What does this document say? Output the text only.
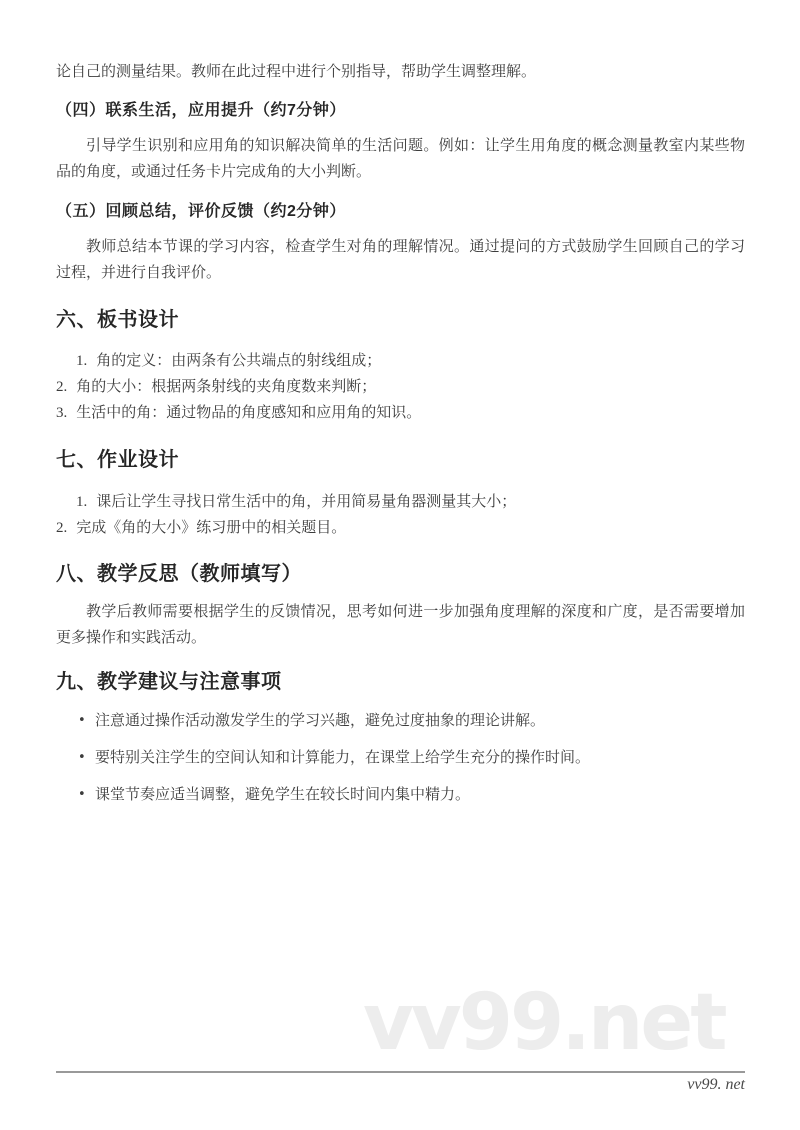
论自己的测量结果。教师在此过程中进行个别指导，帮助学生调整理解。

（四）联系生活，应用提升（约7分钟）

引导学生识别和应用角的知识解决简单的生活问题。例如：让学生用角度的概念测量教室内某些物品的角度，或通过任务卡片完成角的大小判断。

（五）回顾总结，评价反馈（约2分钟）

教师总结本节课的学习内容，检查学生对角的理解情况。通过提问的方式鼓励学生回顾自己的学习过程，并进行自我评价。

六、板书设计
1. 角的定义：由两条有公共端点的射线组成；
2. 角的大小：根据两条射线的夹角度数来判断；
3. 生活中的角：通过物品的角度感知和应用角的知识。
七、作业设计
1. 课后让学生寻找日常生活中的角，并用简易量角器测量其大小；
2. 完成《角的大小》练习册中的相关题目。
八、教学反思（教师填写）

教学后教师需要根据学生的反馈情况，思考如何进一步加强角度理解的深度和广度，是否需要增加更多操作和实践活动。

九、教学建议与注意事项
• 注意通过操作活动激发学生的学习兴趣，避免过度抽象的理论讲解。
• 要特别关注学生的空间认知和计算能力，在课堂上给学生充分的操作时间。
• 课堂节奏应适当调整，避免学生在较长时间内集中精力。
vv99.net
vv99. net
